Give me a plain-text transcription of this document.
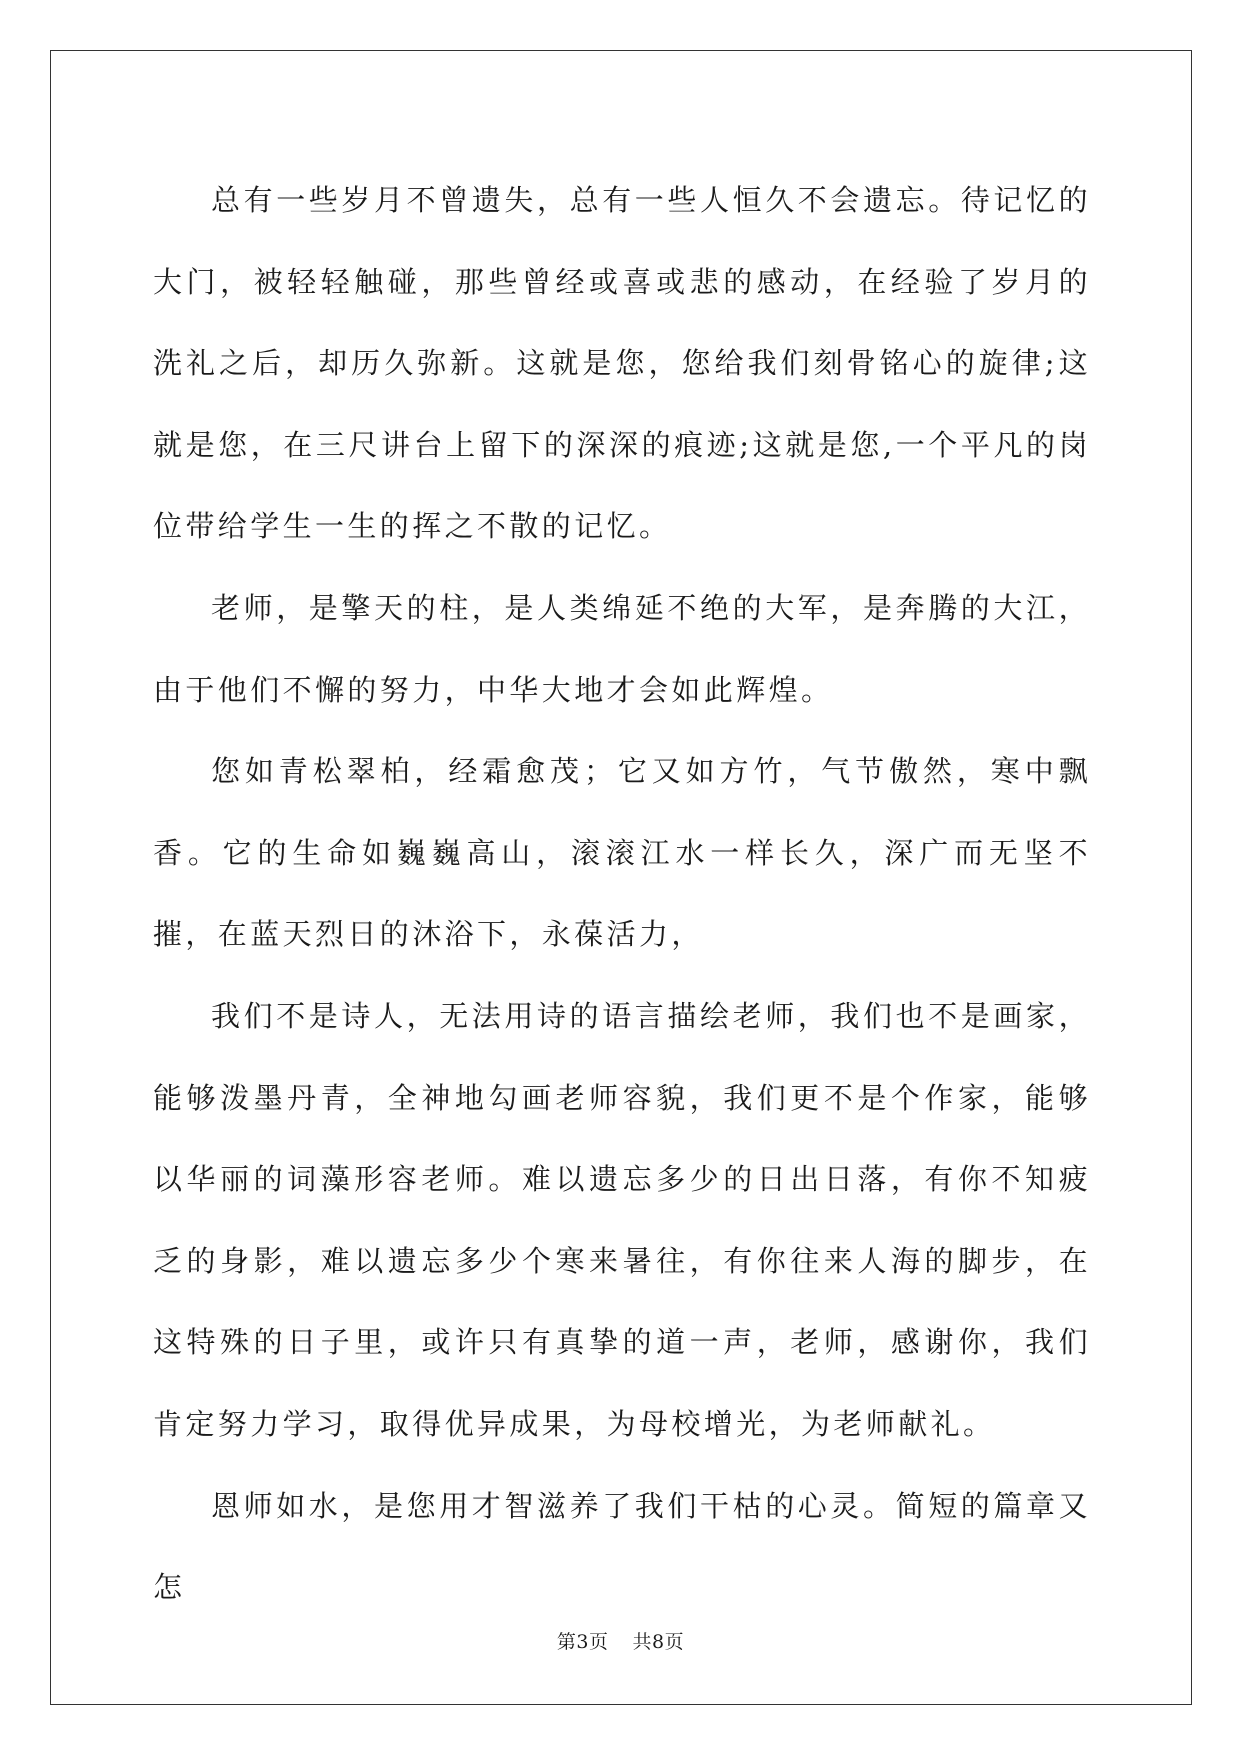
总有一些岁月不曾遗失，总有一些人恒久不会遗忘。待记忆的大门，被轻轻触碰，那些曾经或喜或悲的感动，在经验了岁月的洗礼之后，却历久弥新。这就是您，您给我们刻骨铭心的旋律;这就是您，在三尺讲台上留下的深深的痕迹;这就是您,一个平凡的岗位带给学生一生的挥之不散的记忆。

老师，是擎天的柱，是人类绵延不绝的大军，是奔腾的大江，由于他们不懈的努力，中华大地才会如此辉煌。

您如青松翠柏，经霜愈茂；它又如方竹，气节傲然，寒中飘香。它的生命如巍巍高山，滚滚江水一样长久，深广而无坚不摧，在蓝天烈日的沐浴下，永葆活力，

我们不是诗人，无法用诗的语言描绘老师，我们也不是画家，能够泼墨丹青，全神地勾画老师容貌，我们更不是个作家，能够以华丽的词藻形容老师。难以遗忘多少的日出日落，有你不知疲乏的身影，难以遗忘多少个寒来暑往，有你往来人海的脚步，在这特殊的日子里，或许只有真挚的道一声，老师，感谢你，我们肯定努力学习，取得优异成果，为母校增光，为老师献礼。

恩师如水，是您用才智滋养了我们干枯的心灵。简短的篇章又怎

第3页 共8页
